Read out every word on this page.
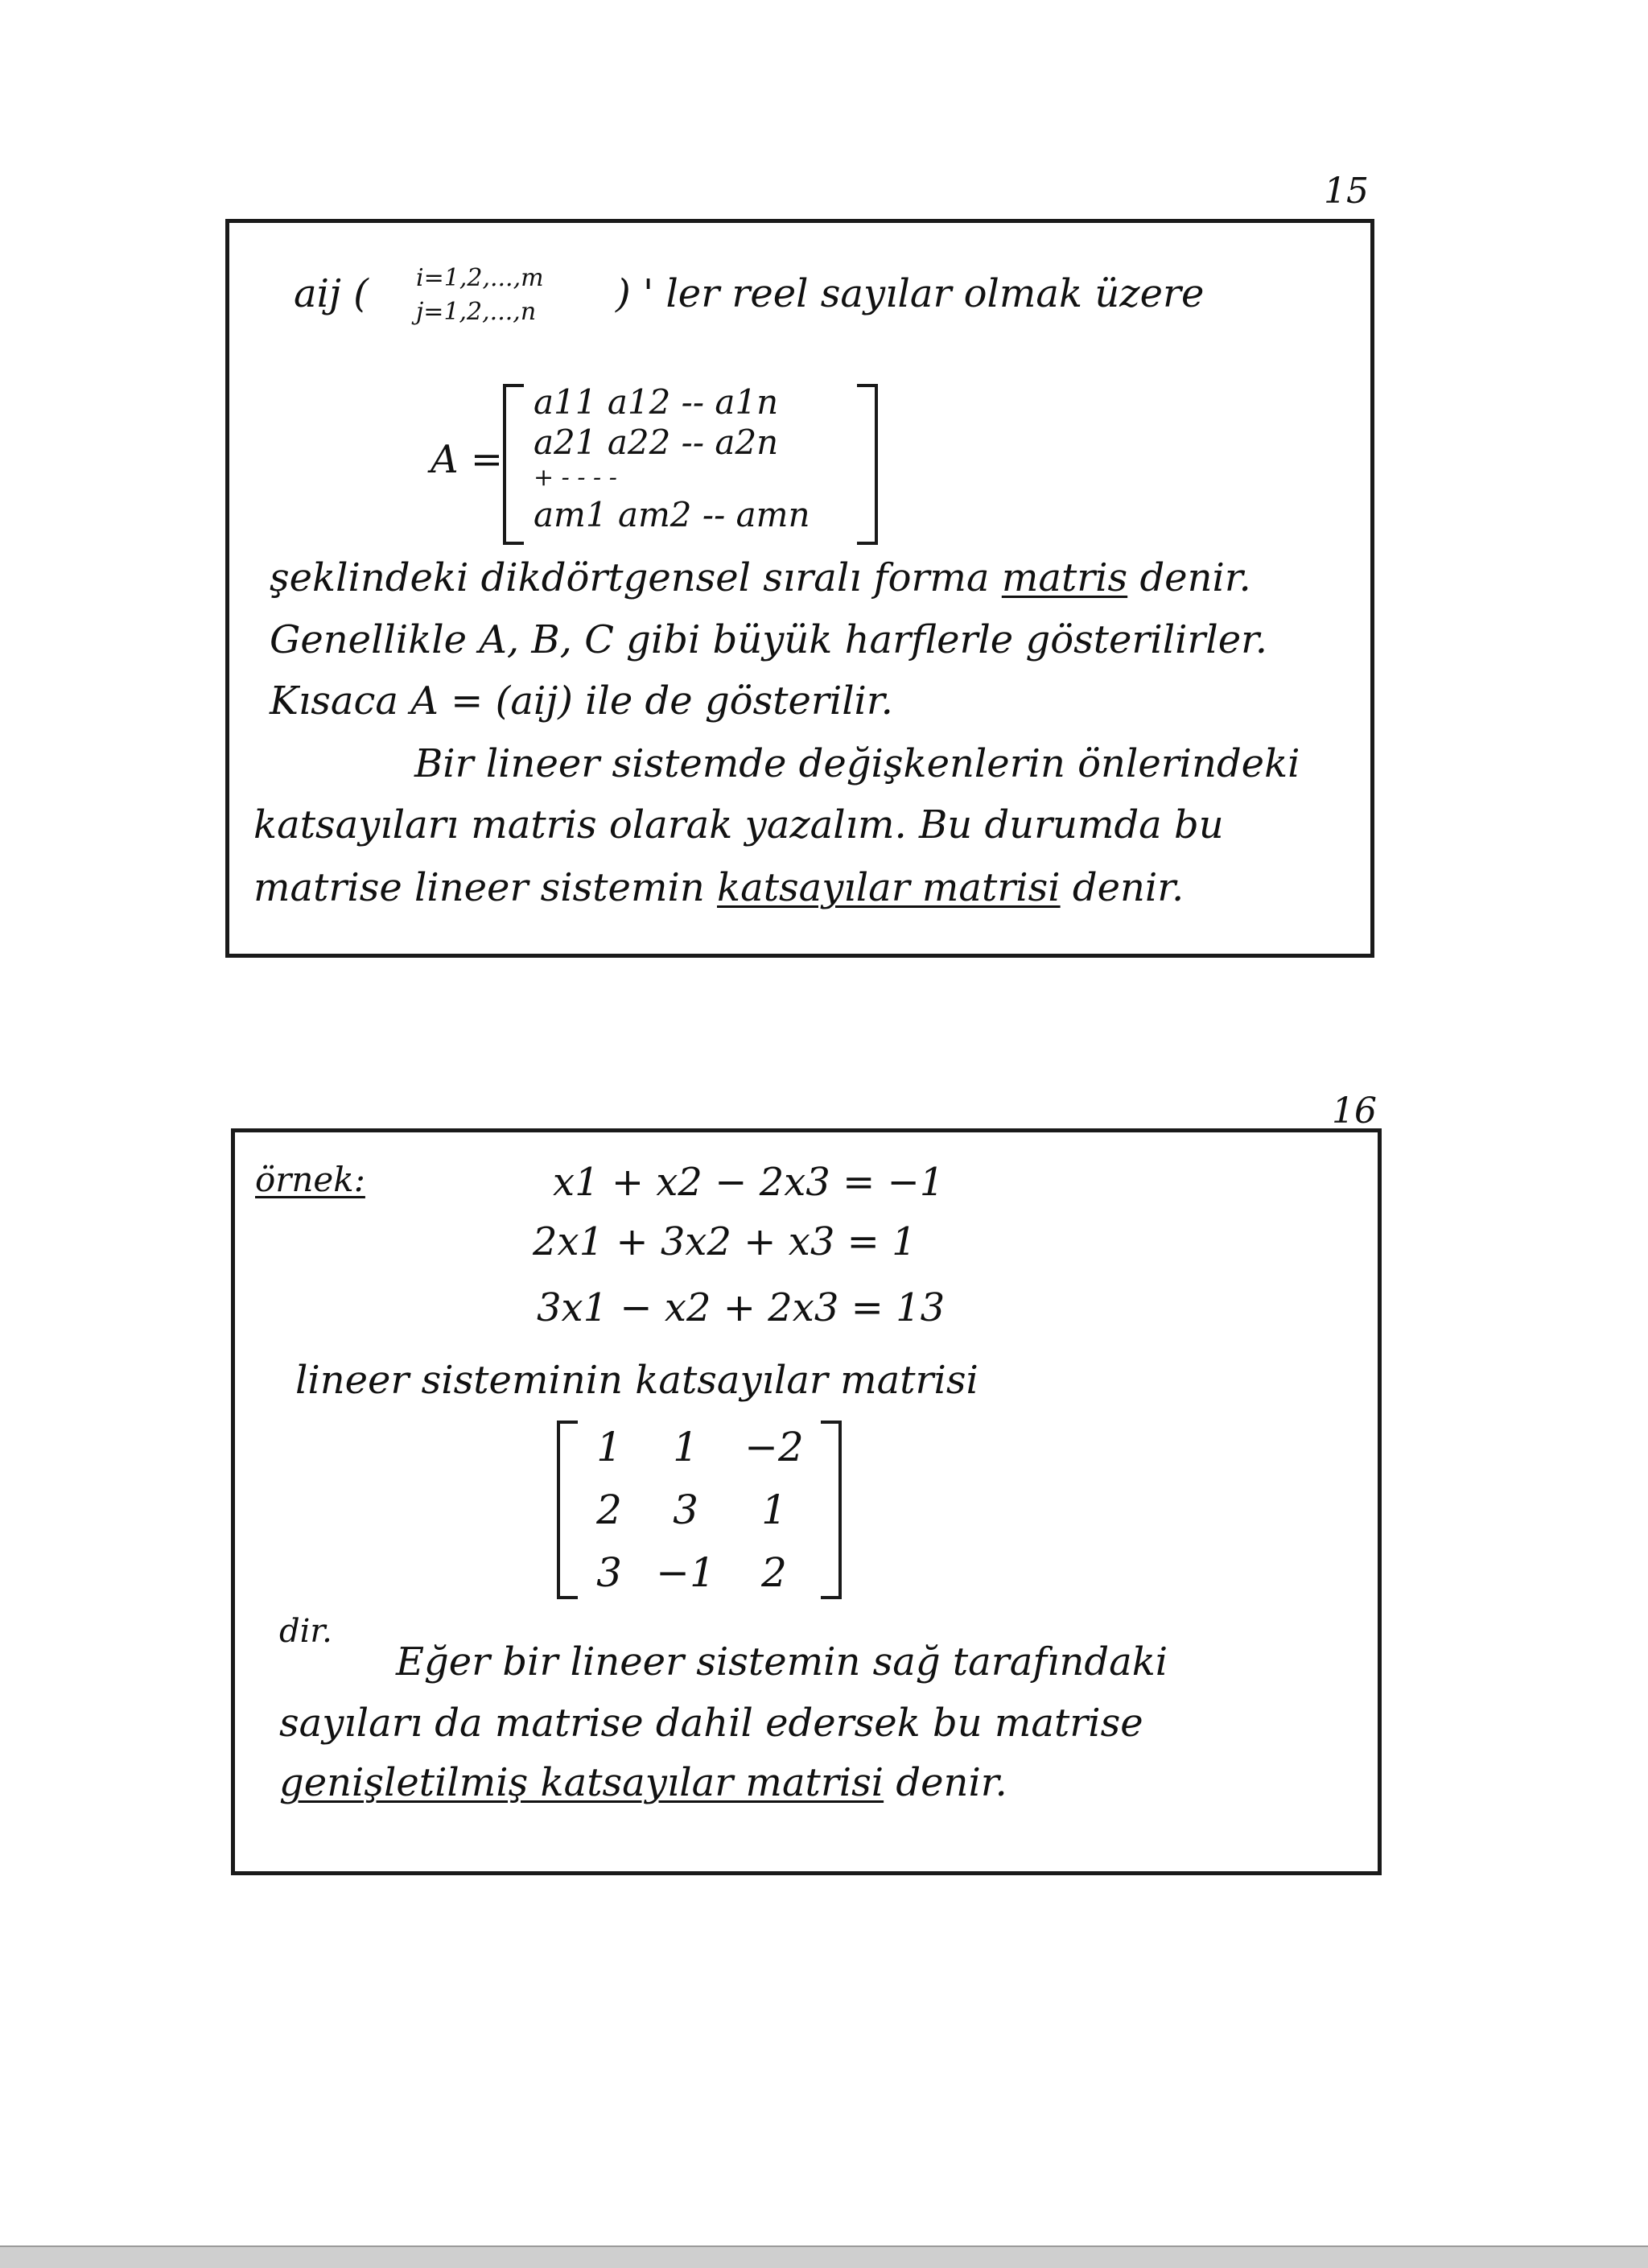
15
aij ( i=1,2,...,m
j=1,2,...,n ) ' ler reel sayılar olmak üzere
A =
a11 a12 -- a1n
a21 a22 -- a2n
+ - - - -
am1 am2 -- amn
şeklindeki dikdörtgensel sıralı forma matris denir.
Genellikle A, B, C gibi büyük harflerle gösterilirler.
Kısaca A = (aij) ile de gösterilir.
Bir lineer sistemde değişkenlerin önlerindeki
katsayıları matris olarak yazalım. Bu durumda bu
matrise lineer sistemin katsayılar matrisi denir.
16
örnek:	x1 + x2 − 2x3 = −1
2x1 + 3x2 + x3 = 1
3x1 − x2 + 2x3 = 13
lineer sisteminin katsayılar matrisi
1	1	−2
2	3	1
3 −1	2
dir.
Eğer bir lineer sistemin sağ tarafındaki
sayıları da matrise dahil edersek bu matrise
genişletilmiş katsayılar matrisi denir.
